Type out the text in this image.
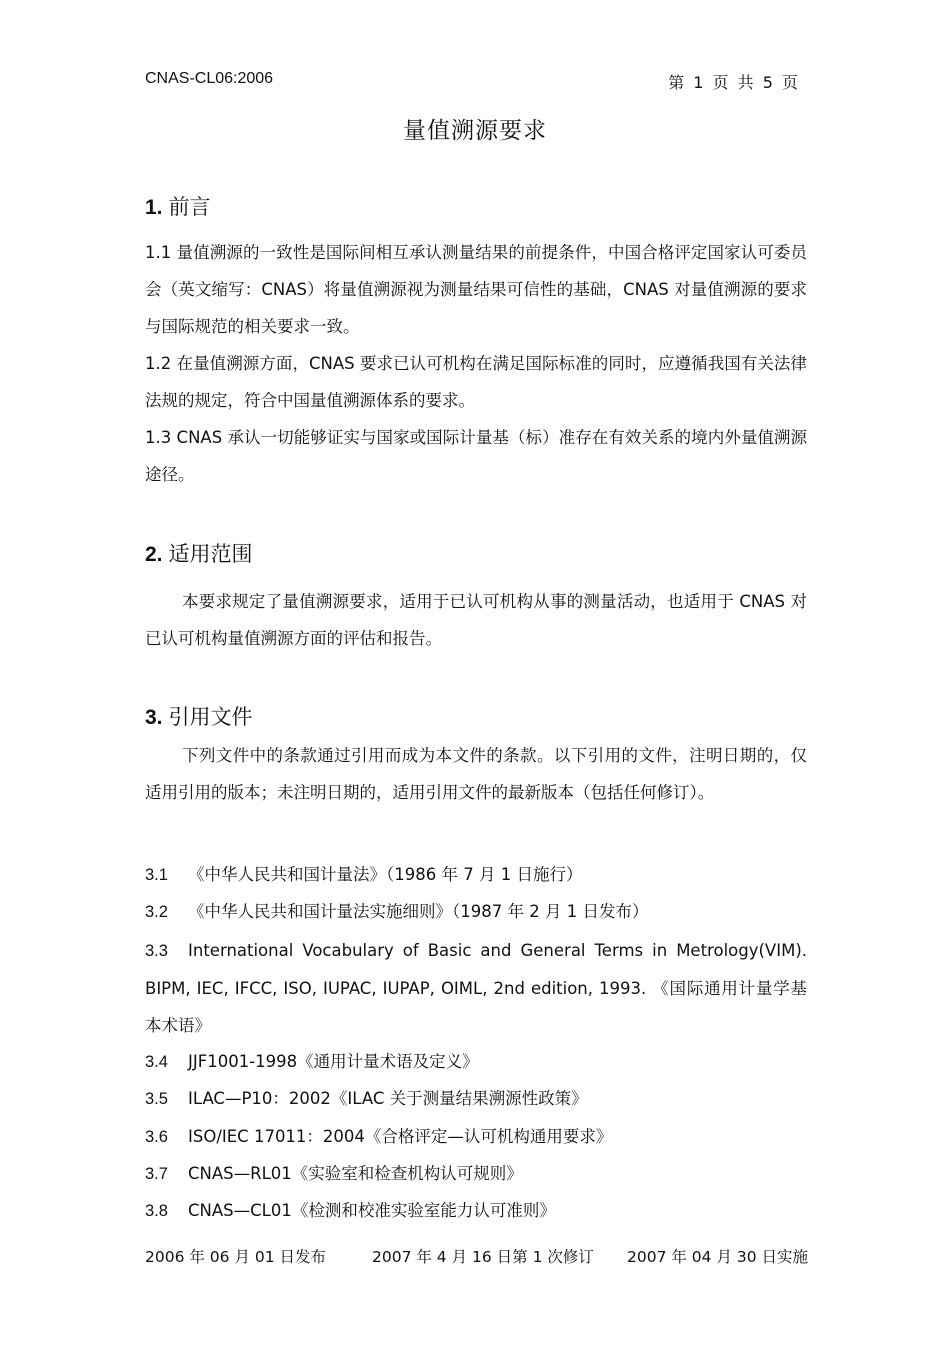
CNAS-CL06:2006	第 1 页 共 5 页
量值溯源要求
1. 前言
1.1 量值溯源的一致性是国际间相互承认测量结果的前提条件，中国合格评定国家认可委员会（英文缩写：CNAS）将量值溯源视为测量结果可信性的基础，CNAS 对量值溯源的要求与国际规范的相关要求一致。
1.2 在量值溯源方面，CNAS 要求已认可机构在满足国际标准的同时，应遵循我国有关法律法规的规定，符合中国量值溯源体系的要求。
1.3 CNAS 承认一切能够证实与国家或国际计量基（标）准存在有效关系的境内外量值溯源途径。
2. 适用范围
本要求规定了量值溯源要求，适用于已认可机构从事的测量活动，也适用于 CNAS 对已认可机构量值溯源方面的评估和报告。
3. 引用文件
下列文件中的条款通过引用而成为本文件的条款。以下引用的文件，注明日期的，仅适用引用的版本；未注明日期的，适用引用文件的最新版本（包括任何修订）。
3.1 《中华人民共和国计量法》（1986 年 7 月 1 日施行）
3.2 《中华人民共和国计量法实施细则》（1987 年 2 月 1 日发布）
3.3 International Vocabulary of Basic and General Terms in Metrology(VIM). BIPM, IEC, IFCC, ISO, IUPAC, IUPAP, OIML, 2nd edition, 1993. 《国际通用计量学基本术语》
3.4 JJF1001-1998《通用计量术语及定义》
3.5 ILAC—P10：2002《ILAC 关于测量结果溯源性政策》
3.6 ISO/IEC 17011：2004《合格评定—认可机构通用要求》
3.7 CNAS—RL01《实验室和检查机构认可规则》
3.8 CNAS—CL01《检测和校准实验室能力认可准则》
2006 年 06 月 01 日发布	2007 年 4 月 16 日第 1 次修订 2007 年 04 月 30 日实施
